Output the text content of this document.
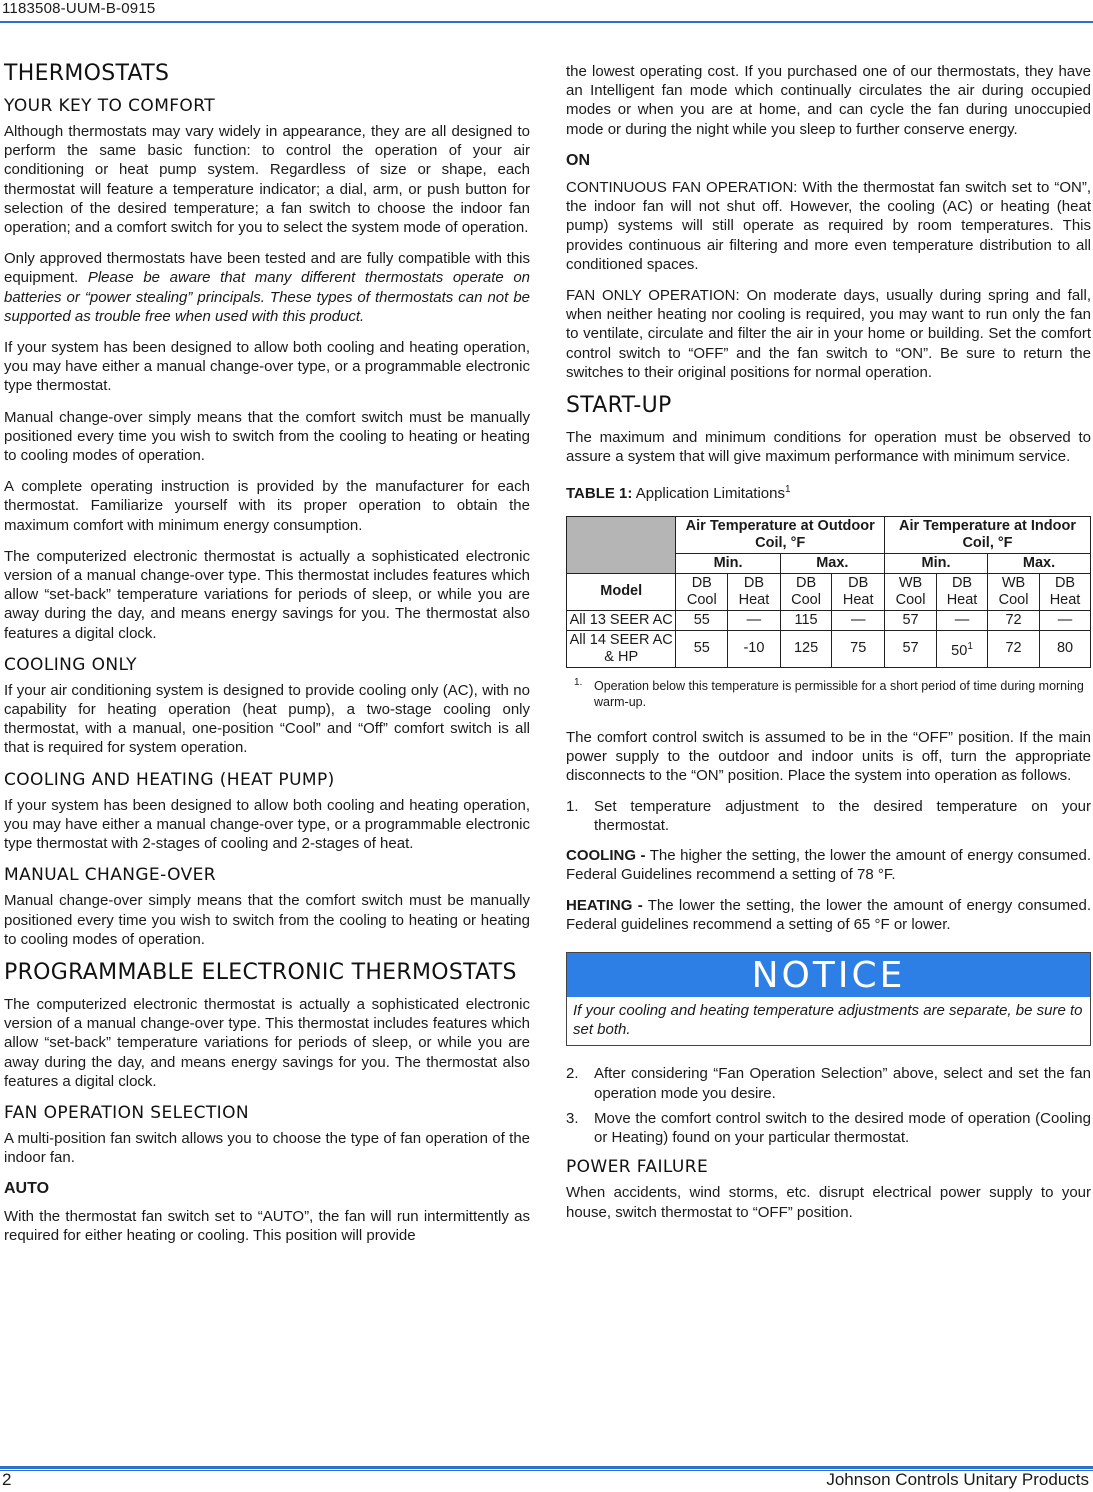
1183508-UUM-B-0915
THERMOSTATS
YOUR KEY TO COMFORT

Although thermostats may vary widely in appearance, they are all designed to perform the same basic function: to control the operation of your air conditioning or heat pump system. Regardless of size or shape, each thermostat will feature a temperature indicator; a dial, arm, or push button for selection of the desired temperature; a fan switch to choose the indoor fan operation; and a comfort switch for you to select the system mode of operation.

Only approved thermostats have been tested and are fully compatible with this equipment. Please be aware that many different thermostats operate on batteries or “power stealing” principals. These types of thermostats can not be supported as trouble free when used with this product.

If your system has been designed to allow both cooling and heating operation, you may have either a manual change-over type, or a programmable electronic type thermostat.

Manual change-over simply means that the comfort switch must be manually positioned every time you wish to switch from the cooling to heating or heating to cooling modes of operation.

A complete operating instruction is provided by the manufacturer for each thermostat. Familiarize yourself with its proper operation to obtain the maximum comfort with minimum energy consumption.

The computerized electronic thermostat is actually a sophisticated electronic version of a manual change-over type. This thermostat includes features which allow “set-back” temperature variations for periods of sleep, or while you are away during the day, and means energy savings for you. The thermostat also features a digital clock.

COOLING ONLY

If your air conditioning system is designed to provide cooling only (AC), with no capability for heating operation (heat pump), a two-stage cooling only thermostat, with a manual, one-position “Cool” and “Off” comfort switch is all that is required for system operation.

COOLING AND HEATING (HEAT PUMP)

If your system has been designed to allow both cooling and heating operation, you may have either a manual change-over type, or a programmable electronic type thermostat with 2-stages of cooling and 2-stages of heat.

MANUAL CHANGE-OVER

Manual change-over simply means that the comfort switch must be manually positioned every time you wish to switch from the cooling to heating or heating to cooling modes of operation.

PROGRAMMABLE ELECTRONIC THERMOSTATS

The computerized electronic thermostat is actually a sophisticated electronic version of a manual change-over type. This thermostat includes features which allow “set-back” temperature variations for periods of sleep, or while you are away during the day, and means energy savings for you. The thermostat also features a digital clock.

FAN OPERATION SELECTION

A multi-position fan switch allows you to choose the type of fan operation of the indoor fan.

AUTO

With the thermostat fan switch set to “AUTO”, the fan will run intermittently as required for either heating or cooling. This position will provide

the lowest operating cost. If you purchased one of our thermostats, they have an Intelligent fan mode which continually circulates the air during occupied modes or when you are at home, and can cycle the fan during unoccupied mode or during the night while you sleep to further conserve energy.

ON

CONTINUOUS FAN OPERATION: With the thermostat fan switch set to “ON”, the indoor fan will not shut off. However, the cooling (AC) or heating (heat pump) systems will still operate as required by room temperatures. This provides continuous air filtering and more even temperature distribution to all conditioned spaces.

FAN ONLY OPERATION: On moderate days, usually during spring and fall, when neither heating nor cooling is required, you may want to run only the fan to ventilate, circulate and filter the air in your home or building. Set the comfort control switch to “OFF” and the fan switch to “ON”. Be sure to return the switches to their original positions for normal operation.

START-UP

The maximum and minimum conditions for operation must be observed to assure a system that will give maximum performance with minimum service.

TABLE 1: Application Limitations$^1$
	Air Temperature at Outdoor Coil, °F				Air Temperature at Indoor Coil, °F			
	Min.		Max.		Min.		Max.	
Model	DB Cool	DB Heat	DB Cool	DB Heat	WB Cool	DB Heat	WB Cool	DB Heat
All 13 SEER AC	55	—	115	—	57	—	72	—
All 14 SEER AC & HP	55	-10	125	75	57	$50^1$	72	80
1. Operation below this temperature is permissible for a short period of time during morning warm-up.

The comfort control switch is assumed to be in the “OFF” position. If the main power supply to the outdoor and indoor units is off, turn the appropriate disconnects to the “ON” position. Place the system into operation as follows.

1. Set temperature adjustment to the desired temperature on your thermostat.

COOLING - The higher the setting, the lower the amount of energy consumed. Federal Guidelines recommend a setting of 78 °F.

HEATING - The lower the setting, the lower the amount of energy consumed. Federal guidelines recommend a setting of 65 °F or lower.

NOTICE
If your cooling and heating temperature adjustments are separate, be sure to set both.
2. After considering “Fan Operation Selection” above, select and set the fan operation mode you desire.
3. Move the comfort control switch to the desired mode of operation (Cooling or Heating) found on your particular thermostat.
POWER FAILURE

When accidents, wind storms, etc. disrupt electrical power supply to your house, switch thermostat to “OFF” position.

2	Johnson Controls Unitary Products
